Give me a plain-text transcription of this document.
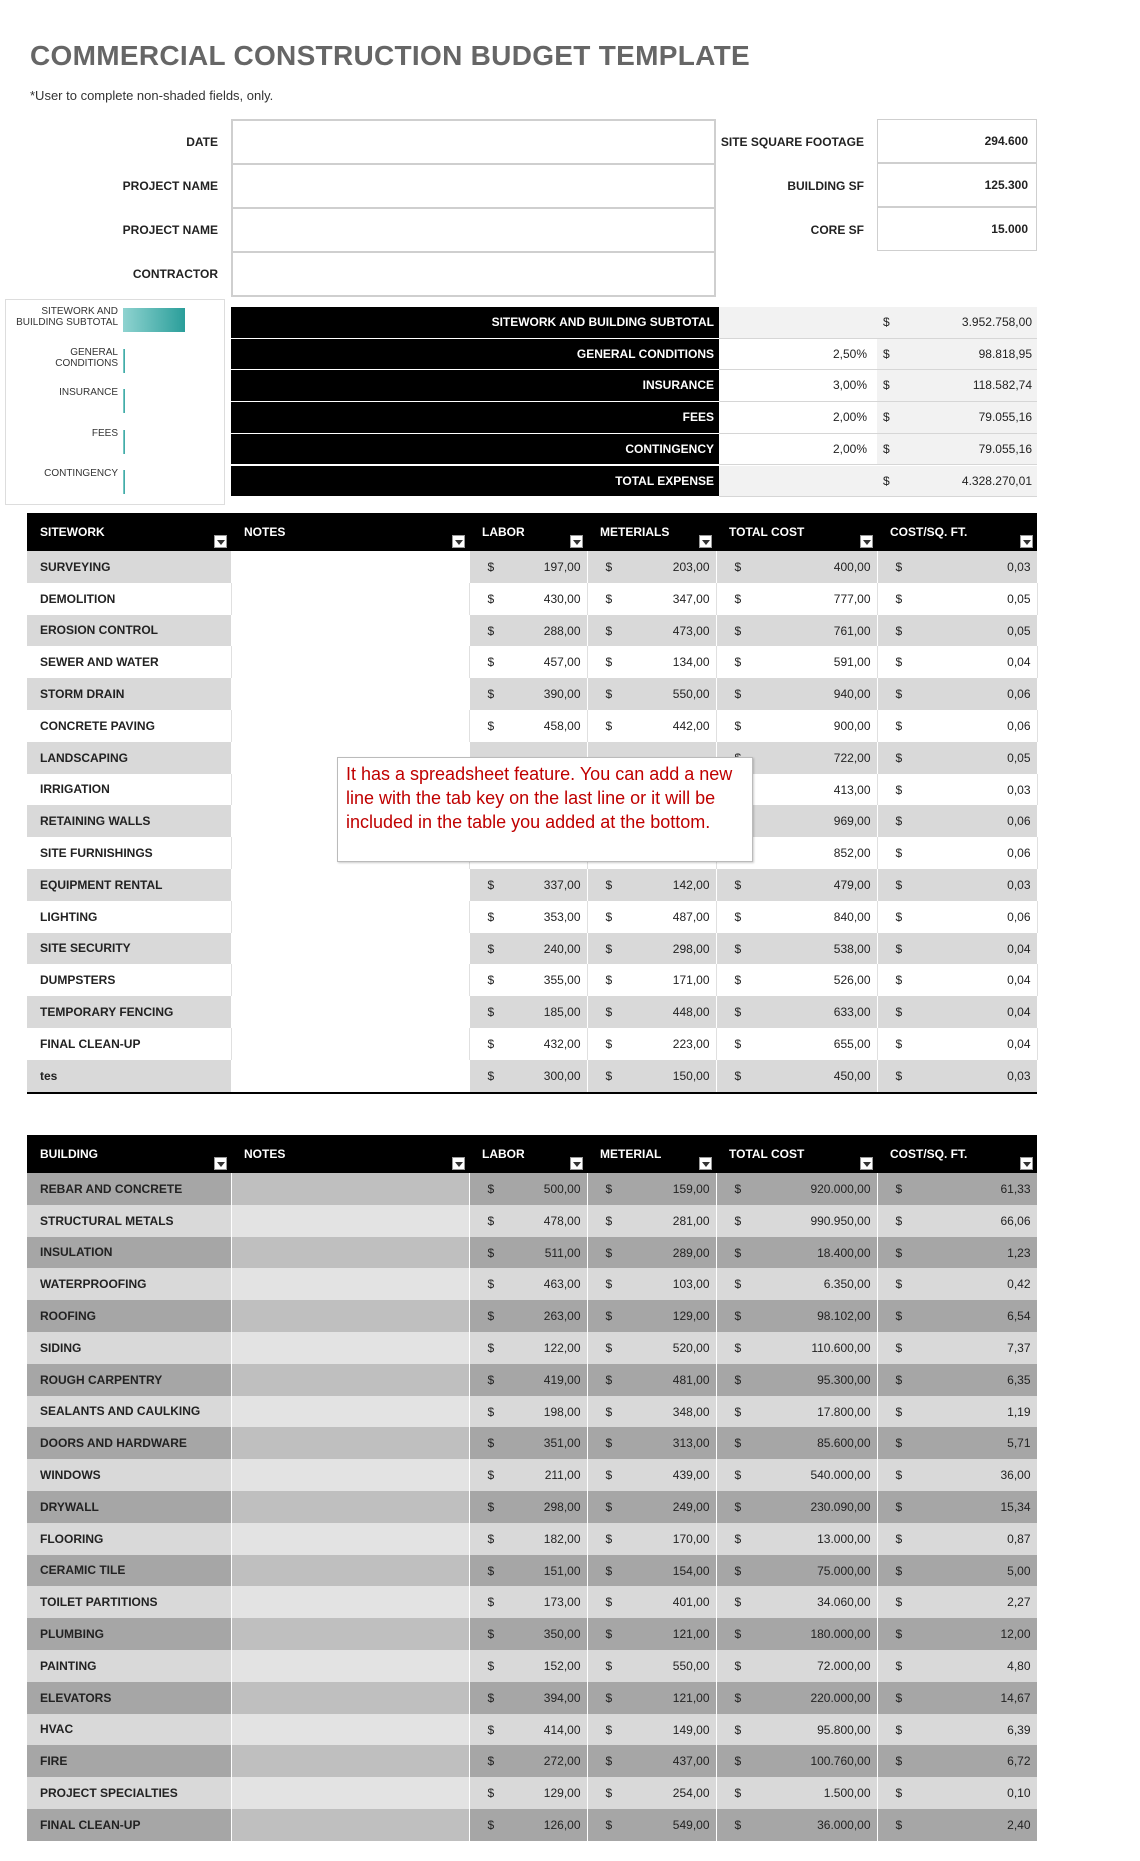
COMMERCIAL CONSTRUCTION BUDGET TEMPLATE
*User to complete non-shaded fields, only.
DATE
PROJECT NAME
PROJECT NAME
CONTRACTOR
SITE SQUARE FOOTAGE	294.600
BUILDING SF	125.300
CORE SF	15.000
SITEWORK AND BUILDING SUBTOTAL
GENERAL CONDITIONS
INSURANCE
FEES
CONTINGENCY
SITEWORK AND BUILDING SUBTOTAL	$	3.952.758,00
GENERAL CONDITIONS	2,50%	$	98.818,95
INSURANCE	3,00%	$	118.582,74
FEES	2,00%	$	79.055,16
CONTINGENCY	2,00%	$	79.055,16
TOTAL EXPENSE	$	4.328.270,01
SITEWORK	NOTES	LABOR	METERIALS	TOTAL COST	COST/SQ. FT.

SURVEYING		$ 197,00	$ 203,00	$ 400,00	$ 0,03

DEMOLITION		$ 430,00	$ 347,00	$ 777,00	$ 0,05

EROSION CONTROL		$ 288,00	$ 473,00	$ 761,00	$ 0,05

SEWER AND WATER		$ 457,00	$ 134,00	$ 591,00	$ 0,04

STORM DRAIN		$ 390,00	$ 550,00	$ 940,00	$ 0,06

CONCRETE PAVING		$ 458,00	$ 442,00	$ 900,00	$ 0,06

LANDSCAPING				722,00	$ 0,05

IRRIGATION				413,00	$ 0,03

RETAINING WALLS				969,00	$ 0,06

SITE FURNISHINGS				852,00	$ 0,06

EQUIPMENT RENTAL		$ 337,00	$ 142,00	$ 479,00	$ 0,03

LIGHTING		$ 353,00	$ 487,00	$ 840,00	$ 0,06

SITE SECURITY		$ 240,00	$ 298,00	$ 538,00	$ 0,04

DUMPSTERS		$ 355,00	$ 171,00	$ 526,00	$ 0,04

TEMPORARY FENCING		$ 185,00	$ 448,00	$ 633,00	$ 0,04

FINAL CLEAN-UP		$ 432,00	$ 223,00	$ 655,00	$ 0,04

tes		$ 300,00	$ 150,00	$ 450,00	$ 0,03
BUILDING	NOTES	LABOR	METERIAL	TOTAL COST	COST/SQ. FT.

REBAR AND CONCRETE		$ 500,00	$ 159,00	$ 920.000,00	$ 61,33

STRUCTURAL METALS		$ 478,00	$ 281,00	$ 990.950,00	$ 66,06

INSULATION		$ 511,00	$ 289,00	$ 18.400,00	$ 1,23

WATERPROOFING		$ 463,00	$ 103,00	$ 6.350,00	$ 0,42

ROOFING		$ 263,00	$ 129,00	$ 98.102,00	$ 6,54

SIDING		$ 122,00	$ 520,00	$ 110.600,00	$ 7,37

ROUGH CARPENTRY		$ 419,00	$ 481,00	$ 95.300,00	$ 6,35

SEALANTS AND CAULKING		$ 198,00	$ 348,00	$ 17.800,00	$ 1,19

DOORS AND HARDWARE		$ 351,00	$ 313,00	$ 85.600,00	$ 5,71

WINDOWS		$ 211,00	$ 439,00	$ 540.000,00	$ 36,00

DRYWALL		$ 298,00	$ 249,00	$ 230.090,00	$ 15,34

FLOORING		$ 182,00	$ 170,00	$ 13.000,00	$ 0,87

CERAMIC TILE		$ 151,00	$ 154,00	$ 75.000,00	$ 5,00

TOILET PARTITIONS		$ 173,00	$ 401,00	$ 34.060,00	$ 2,27

PLUMBING		$ 350,00	$ 121,00	$ 180.000,00	$ 12,00

PAINTING		$ 152,00	$ 550,00	$ 72.000,00	$ 4,80

ELEVATORS		$ 394,00	$ 121,00	$ 220.000,00	$ 14,67

HVAC		$ 414,00	$ 149,00	$ 95.800,00	$ 6,39

FIRE		$ 272,00	$ 437,00	$ 100.760,00	$ 6,72

PROJECT SPECIALTIES		$ 129,00	$ 254,00	$ 1.500,00	$ 0,10

FINAL CLEAN-UP		$ 126,00	$ 549,00	$ 36.000,00	$ 2,40
It has a spreadsheet feature. You can add a new line with the tab key on the last line or it will be included in the table you added at the bottom.
